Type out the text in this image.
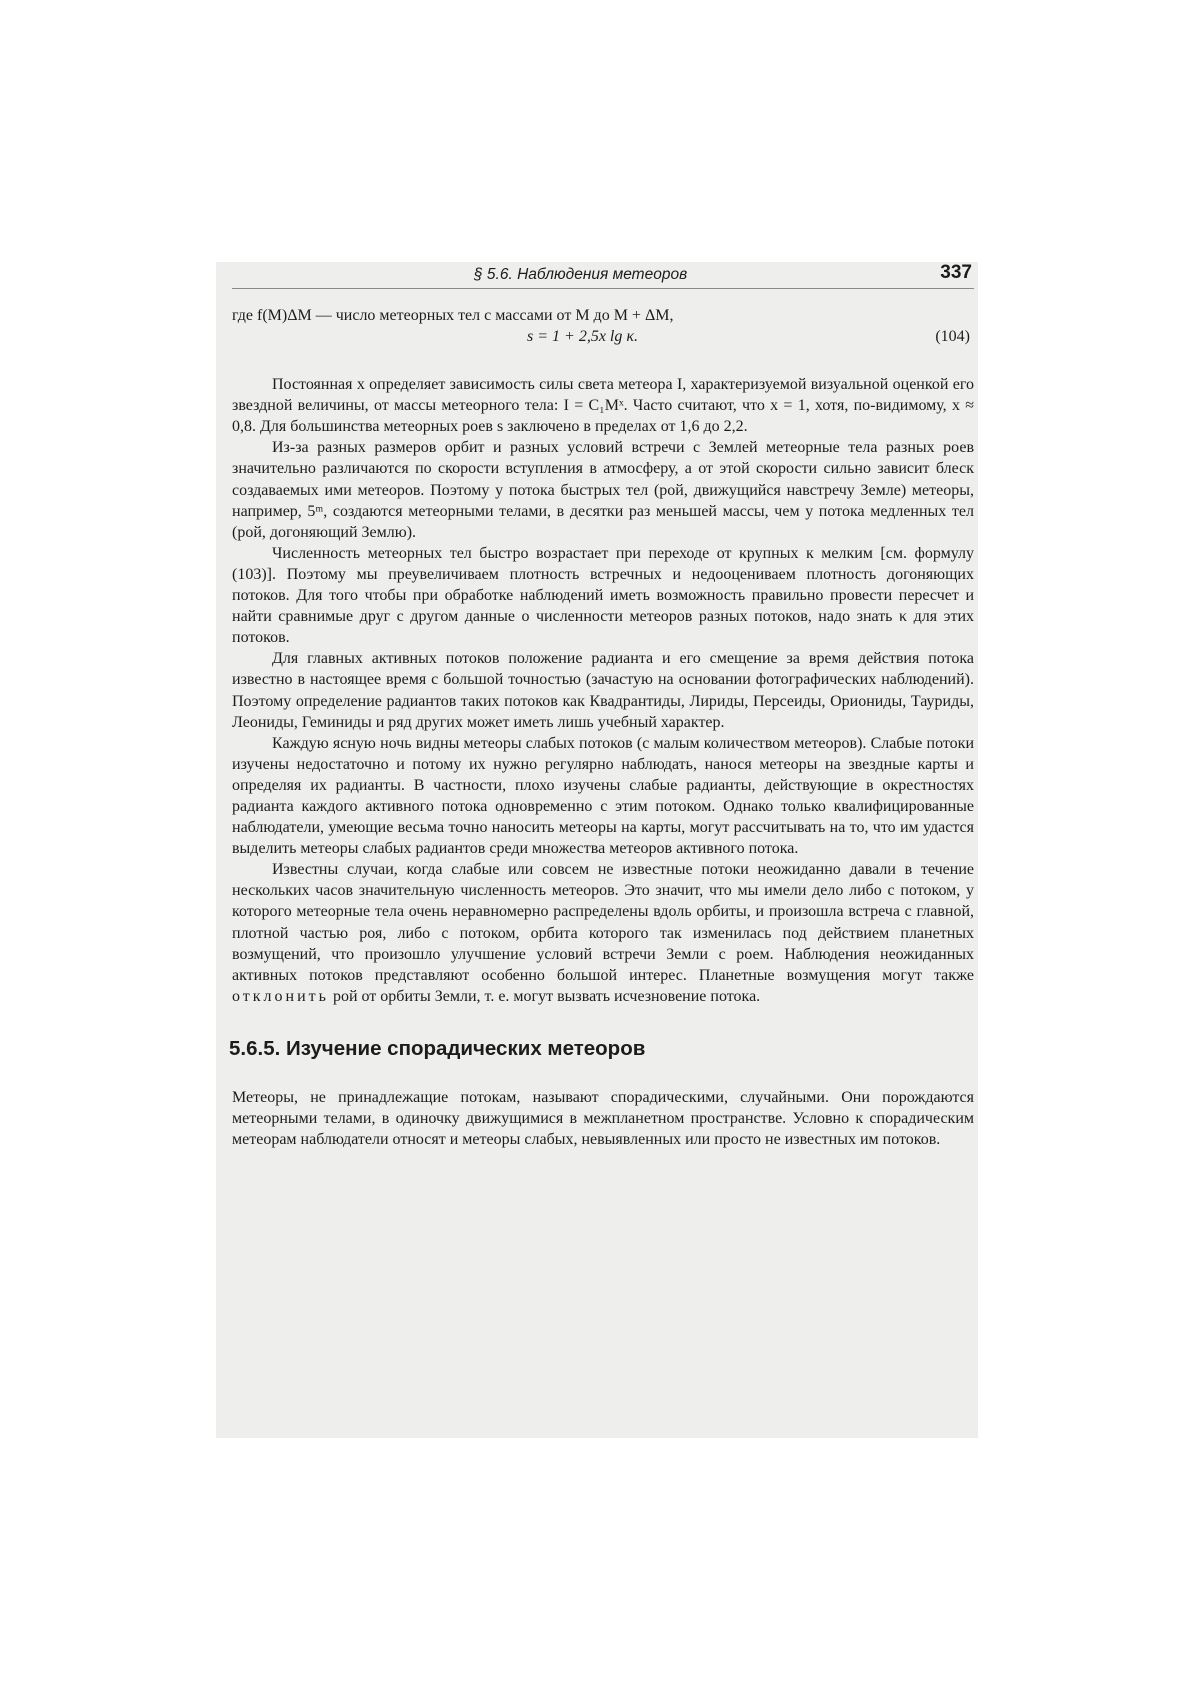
§ 5.6. Наблюдения метеоров	337

где f(M)ΔM — число метеорных тел с массами от M до M + ΔM,

s = 1 + 2,5x lg κ.	(104)

Постоянная x определяет зависимость силы света метеора I, характеризуемой визуальной оценкой его звездной величины, от массы метеорного тела: I = C₁Mˣ. Часто считают, что x = 1, хотя, по-видимому, x ≈ 0,8. Для большинства метеорных роев s заключено в пределах от 1,6 до 2,2.

Из-за разных размеров орбит и разных условий встречи с Землей метеорные тела разных роев значительно различаются по скорости вступления в атмосферу, а от этой скорости сильно зависит блеск создаваемых ими метеоров. Поэтому у потока быстрых тел (рой, движущийся навстречу Земле) метеоры, например, 5ᵐ, создаются метеорными телами, в десятки раз меньшей массы, чем у потока медленных тел (рой, догоняющий Землю).

Численность метеорных тел быстро возрастает при переходе от крупных к мелким [см. формулу (103)]. Поэтому мы преувеличиваем плотность встречных и недооцениваем плотность догоняющих потоков. Для того чтобы при обработке наблюдений иметь возможность правильно провести пересчет и найти сравнимые друг с другом данные о численности метеоров разных потоков, надо знать κ для этих потоков.

Для главных активных потоков положение радианта и его смещение за время действия потока известно в настоящее время с большой точностью (зачастую на основании фотографических наблюдений). Поэтому определение радиантов таких потоков как Квадрантиды, Лириды, Персеиды, Ориониды, Тауриды, Леониды, Геминиды и ряд других может иметь лишь учебный характер.

Каждую ясную ночь видны метеоры слабых потоков (с малым количеством метеоров). Слабые потоки изучены недостаточно и потому их нужно регулярно наблюдать, нанося метеоры на звездные карты и определяя их радианты. В частности, плохо изучены слабые радианты, действующие в окрестностях радианта каждого активного потока одновременно с этим потоком. Однако только квалифицированные наблюдатели, умеющие весьма точно наносить метеоры на карты, могут рассчитывать на то, что им удастся выделить метеоры слабых радиантов среди множества метеоров активного потока.

Известны случаи, когда слабые или совсем не известные потоки неожиданно давали в течение нескольких часов значительную численность метеоров. Это значит, что мы имели дело либо с потоком, у которого метеорные тела очень неравномерно распределены вдоль орбиты, и произошла встреча с главной, плотной частью роя, либо с потоком, орбита которого так изменилась под действием планетных возмущений, что произошло улучшение условий встречи Земли с роем. Наблюдения неожиданных активных потоков представляют особенно большой интерес. Планетные возмущения могут также отклонить рой от орбиты Земли, т. е. могут вызвать исчезновение потока.

5.6.5. Изучение спорадических метеоров

Метеоры, не принадлежащие потокам, называют спорадическими, случайными. Они порождаются метеорными телами, в одиночку движущимися в межпланетном пространстве. Условно к спорадическим метеорам наблюдатели относят и метеоры слабых, невыявленных или просто не известных им потоков.
